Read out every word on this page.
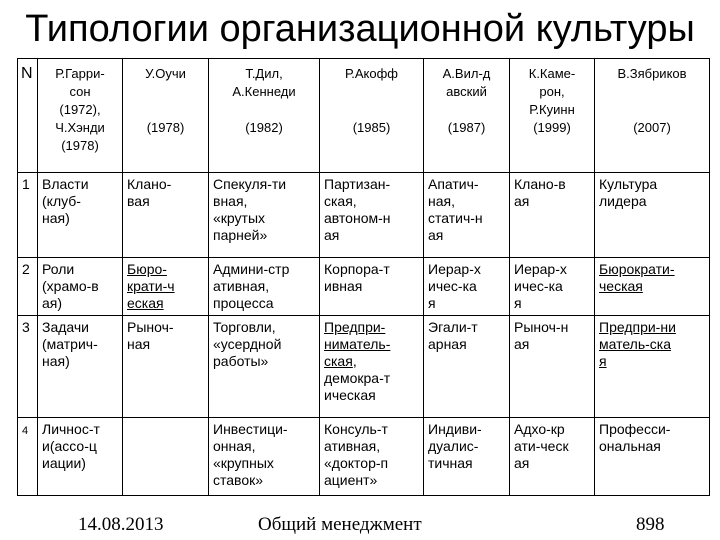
Типологии организационной культуры
N	Р.Гарри-
сон
(1972),
Ч.Хэнди
(1978)	У.Оучи

(1978)	Т.Дил,
А.Кеннеди

(1982)	Р.Акофф

(1985)	А.Вил-д
авский

(1987)	К.Каме-
рон,
Р.Куинн
(1999)	В.Зябриков

(2007)

1	Власти
(клуб-
ная)	Клано-
вая	Спекуля-ти
вная,
«крутых
парней»	Партизан-
ская,
автоном-н
ая	Апатич-
ная,
статич-н
ая	Клано-в
ая	Культура
лидера

2	Роли
(храмо-в
ая)	Бюро-
крати-ч
еская	Админи-стр
ативная,
процесса	Корпора-т
ивная	Иерар-х
ичес-ка
я	Иерар-х
ичес-ка
я	Бюрократи-
ческая

3	Задачи
(матрич-
ная)	Рыноч-
ная	Торговли,
«усердной
работы»	Предпри-
ниматель-
ская,
демокра-т
ическая	Эгали-т
арная	Рыноч-н
ая	Предпри-ни
матель-ска
я

4	Личнос-т
и(ассо-ц
иации)		Инвестици-
онная,
«крупных
ставок»	Консуль-т
ативная,
«доктор-п
ациент»	Индиви-
дуалис-
тичная	Адхо-кр
ати-ческ
ая	Професси-
ональная
14.08.2013	Общий менеджмент	898
